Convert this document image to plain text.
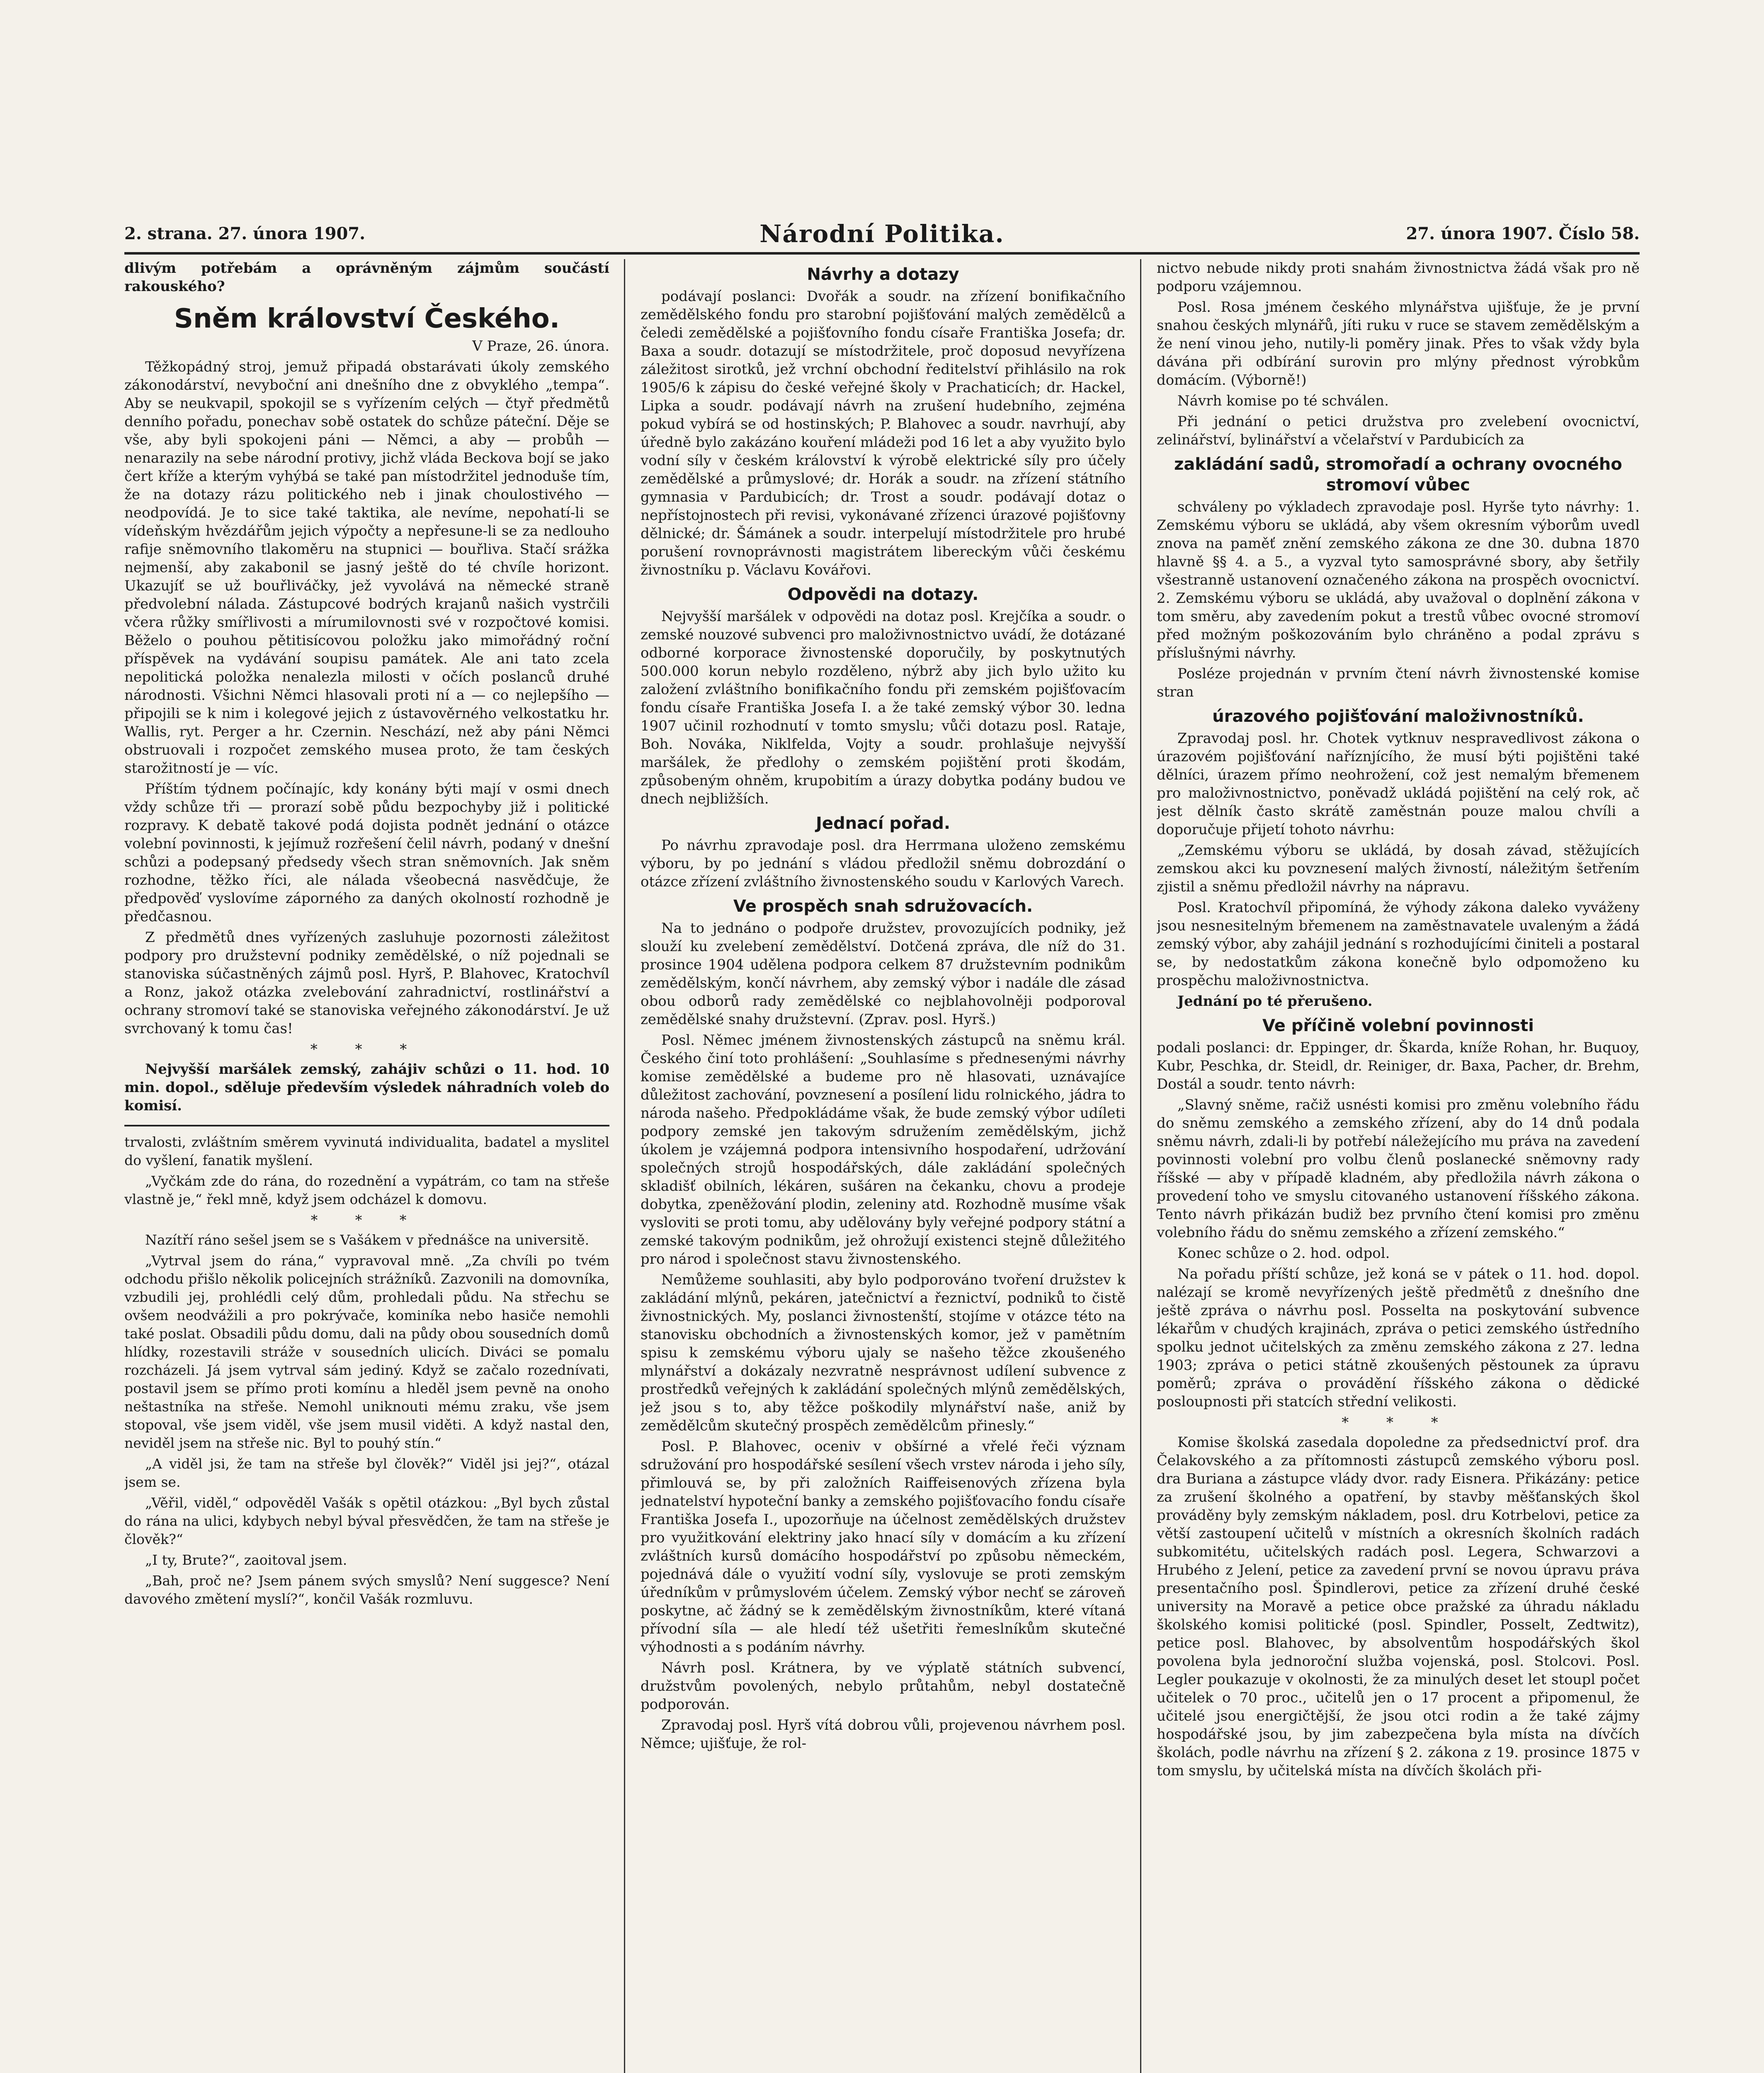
2. strana. 27. února 1907.	Národní Politika.	27. února 1907. Číslo 58.

dlivým potřebám a oprávněným zájmům součástí rakouského?

Sněm království Českého.
V Praze, 26. února.

Těžkopádný stroj, jemuž připadá obstarávati úkoly zemského zákonodárství, nevyboční ani dnešního dne z obvyklého „tempa“. Aby se neukvapil, spokojil se s vyřízením celých — čtyř předmětů denního pořadu, ponechav sobě ostatek do schůze páteční. Děje se vše, aby byli spokojeni páni — Němci, a aby — probůh — nenarazily na sebe národní protivy, jichž vláda Beckova bojí se jako čert kříže a kterým vyhýbá se také pan místodržitel jednoduše tím, že na dotazy rázu politického neb i jinak choulostivého — neodpovídá. Je to sice také taktika, ale nevíme, nepohatí-li se vídeňským hvězdářům jejich výpočty a nepřesune-li se za nedlouho rafije sněmovního tlakoměru na stupnici — bouřliva. Stačí srážka nejmenší, aby zakabonil se jasný ještě do té chvíle horizont. Ukazujíť se už bouřliváčky, jež vyvolává na německé straně předvolební nálada. Zástupcové bodrých krajanů našich vystrčili včera růžky smířlivosti a mírumilovnosti své v rozpočtové komisi. Běželo o pouhou pětitisícovou položku jako mimořádný roční příspěvek na vydávání soupisu památek. Ale ani tato zcela nepolitická položka nenalezla milosti v očích poslanců druhé národnosti. Všichni Němci hlasovali proti ní a — co nejlepšího — připojili se k nim i kolegové jejich z ústavověrného velkostatku hr. Wallis, ryt. Perger a hr. Czernin. Neschází, než aby páni Němci obstruovali i rozpočet zemského musea proto, že tam českých starožitností je — víc.

Příštím týdnem počínajíc, kdy konány býti mají v osmi dnech vždy schůze tři — prorazí sobě půdu bezpochyby již i politické rozpravy. K debatě takové podá dojista podnět jednání o otázce volební povinnosti, k jejímuž rozřešení čelil návrh, podaný v dnešní schůzi a podepsaný předsedy všech stran sněmovních. Jak sněm rozhodne, těžko říci, ale nálada všeobecná nasvědčuje, že předpověď vyslovíme záporného za daných okolností rozhodně je předčasnou.

Z předmětů dnes vyřízených zasluhuje pozornosti záležitost podpory pro družstevní podniky zemědělské, o níž pojednali se stanoviska súčastněných zájmů posl. Hyrš, P. Blahovec, Kratochvíl a Ronz, jakož otázka zvelebování zahradnictví, rostlinářství a ochrany stromoví také se stanoviska veřejného zákonodárství. Je už svrchovaný k tomu čas!

* * *

Nejvyšší maršálek zemský, zahájiv schůzi o 11. hod. 10 min. dopol., sděluje především výsledek náhradních voleb do komisí.

trvalosti, zvláštním směrem vyvinutá individualita, badatel a myslitel do vyšlení, fanatik myšlení.

„Vyčkám zde do rána, do rozednění a vypátrám, co tam na střeše vlastně je,“ řekl mně, když jsem odcházel k domovu.

* * *

Nazítří ráno sešel jsem se s Vašákem v přednášce na universitě.

„Vytrval jsem do rána,“ vypravoval mně. „Za chvíli po tvém odchodu přišlo několik policejních strážníků. Zazvonili na domovníka, vzbudili jej, prohlédli celý dům, prohledali půdu. Na střechu se ovšem neodvážili a pro pokrývače, kominíka nebo hasiče nemohli také poslat. Obsadili půdu domu, dali na půdy obou sousedních domů hlídky, rozestavili stráže v sousedních ulicích. Diváci se pomalu rozcházeli. Já jsem vytrval sám jediný. Když se začalo rozednívati, postavil jsem se přímo proti komínu a hleděl jsem pevně na onoho neštastníka na střeše. Nemohl uniknouti mému zraku, vše jsem stopoval, vše jsem viděl, vše jsem musil viděti. A když nastal den, neviděl jsem na střeše nic. Byl to pouhý stín.“

„A viděl jsi, že tam na střeše byl člověk?“ Viděl jsi jej?“, otázal jsem se.

„Věřil, viděl,“ odpověděl Vašák s opětil otázkou: „Byl bych zůstal do rána na ulici, kdybych nebyl býval přesvědčen, že tam na střeše je člověk?“

„I ty, Brute?“, zaoitoval jsem.

„Bah, proč ne? Jsem pánem svých smyslů? Není suggesce? Není davového změtení myslí?“, končil Vašák rozmluvu.

Návrhy a dotazy

podávají poslanci: Dvořák a soudr. na zřízení bonifikačního zemědělského fondu pro starobní pojišťování malých zemědělců a čeledi zemědělské a pojišťovního fondu císaře Františka Josefa; dr. Baxa a soudr. dotazují se místodržitele, proč doposud nevyřízena záležitost sirotků, jež vrchní obchodní ředitelství přihlásilo na rok 1905/6 k zápisu do české veřejné školy v Prachaticích; dr. Hackel, Lipka a soudr. podávají návrh na zrušení hudebního, zejména pokud vybírá se od hostinských; P. Blahovec a soudr. navrhují, aby úředně bylo zakázáno kouření mládeži pod 16 let a aby využito bylo vodní síly v českém království k výrobě elektrické síly pro účely zemědělské a průmyslové; dr. Horák a soudr. na zřízení státního gymnasia v Pardubicích; dr. Trost a soudr. podávají dotaz o nepřístojnostech při revisi, vykonávané zřízenci úrazové pojišťovny dělnické; dr. Šámánek a soudr. interpelují místodržitele pro hrubé porušení rovnoprávnosti magistrátem libereckým vůči českému živnostníku p. Václavu Kovářovi.

Odpovědi na dotazy.

Nejvyšší maršálek v odpovědi na dotaz posl. Krejčíka a soudr. o zemské nouzové subvenci pro maloživnostnictvo uvádí, že dotázané odborné korporace živnostenské doporučily, by poskytnutých 500.000 korun nebylo rozděleno, nýbrž aby jich bylo užito ku založení zvláštního bonifikačního fondu při zemském pojišťovacím fondu císaře Františka Josefa I. a že také zemský výbor 30. ledna 1907 učinil rozhodnutí v tomto smyslu; vůči dotazu posl. Rataje, Boh. Nováka, Niklfelda, Vojty a soudr. prohlašuje nejvyšší maršálek, že předlohy o zemském pojištění proti škodám, způsobeným ohněm, krupobitím a úrazy dobytka podány budou ve dnech nejbližších.

Jednací pořad.

Po návrhu zpravodaje posl. dra Herrmana uloženo zemskému výboru, by po jednání s vládou předložil sněmu dobrozdání o otázce zřízení zvláštního živnostenského soudu v Karlových Varech.

Ve prospěch snah sdružovacích.

Na to jednáno o podpoře družstev, provozujících podniky, jež slouží ku zvelebení zemědělství. Dotčená zpráva, dle níž do 31. prosince 1904 udělena podpora celkem 87 družstevním podnikům zemědělským, končí návrhem, aby zemský výbor i nadále dle zásad obou odborů rady zemědělské co nejblahovolněji podporoval zemědělské snahy družstevní. (Zprav. posl. Hyrš.)

Posl. Němec jménem živnostenských zástupců na sněmu král. Českého činí toto prohlášení: „Souhlasíme s přednesenými návrhy komise zemědělské a budeme pro ně hlasovati, uznávajíce důležitost zachování, povznesení a posílení lidu rolnického, jádra to národa našeho. Předpokládáme však, že bude zemský výbor udíleti podpory zemské jen takovým sdružením zemědělským, jichž úkolem je vzájemná podpora intensivního hospodaření, udržování společných strojů hospodářských, dále zakládání společných skladišť obilních, lékáren, sušáren na čekanku, chovu a prodeje dobytka, zpeněžování plodin, zeleniny atd. Rozhodně musíme však vysloviti se proti tomu, aby udělovány byly veřejné podpory státní a zemské takovým podnikům, jež ohrožují existenci stejně důležitého pro národ i společnost stavu živnostenského.

Nemůžeme souhlasiti, aby bylo podporováno tvoření družstev k zakládání mlýnů, pekáren, jatečnictví a řeznictví, podniků to čistě živnostnických. My, poslanci živnostenští, stojíme v otázce této na stanovisku obchodních a živnostenských komor, jež v pamětním spisu k zemskému výboru ujaly se našeho těžce zkoušeného mlynářství a dokázaly nezvratně nesprávnost udílení subvence z prostředků veřejných k zakládání společných mlýnů zemědělských, jež jsou s to, aby těžce poškodily mlynářství naše, aniž by zemědělcům skutečný prospěch zemědělcům přinesly.“

Posl. P. Blahovec, oceniv v obšírné a vřelé řeči význam sdružování pro hospodářské sesílení všech vrstev národa i jeho síly, přimlouvá se, by při založních Raiffeisenových zřízena byla jednatelství hypoteční banky a zemského pojišťovacího fondu císaře Františka Josefa I., upozorňuje na účelnost zemědělských družstev pro využitkování elektriny jako hnací síly v domácím a ku zřízení zvláštních kursů domácího hospodářství po způsobu německém, pojednává dále o využití vodní síly, vyslovuje se proti zemským úředníkům v průmyslovém účelem. Zemský výbor nechť se zároveň poskytne, ač žádný se k zemědělským živnostníkům, které vítaná přívodní síla — ale hledí též ušetřiti řemeslníkům skutečné výhodnosti a s podáním návrhy.

Návrh posl. Krátnera, by ve výplatě státních subvencí, družstvům povolených, nebylo průtahům, nebyl dostatečně podporován.

Zpravodaj posl. Hyrš vítá dobrou vůli, projevenou návrhem posl. Němce; ujišťuje, že rol-

nictvo nebude nikdy proti snahám živnostnictva žádá však pro ně podporu vzájemnou.

Posl. Rosa jménem českého mlynářstva ujišťuje, že je první snahou českých mlynářů, jíti ruku v ruce se stavem zemědělským a že není vinou jeho, nutily-li poměry jinak. Přes to však vždy byla dávána při odbírání surovin pro mlýny přednost výrobkům domácím. (Výborně!)

Návrh komise po té schválen.

Při jednání o petici družstva pro zvelebení ovocnictví, zelinářství, bylinářství a včelařství v Pardubicích za

zakládání sadů, stromořadí a ochrany ovocného stromoví vůbec

schváleny po výkladech zpravodaje posl. Hyrše tyto návrhy: 1. Zemskému výboru se ukládá, aby všem okresním výborům uvedl znova na paměť znění zemského zákona ze dne 30. dubna 1870 hlavně §§ 4. a 5., a vyzval tyto samosprávné sbory, aby šetřily všestranně ustanovení označeného zákona na prospěch ovocnictví. 2. Zemskému výboru se ukládá, aby uvažoval o doplnění zákona v tom směru, aby zavedením pokut a trestů vůbec ovocné stromoví před možným poškozováním bylo chráněno a podal zprávu s příslušnými návrhy.

Posléze projednán v prvním čtení návrh živnostenské komise stran

úrazového pojišťování maloživnostníků.

Zpravodaj posl. hr. Chotek vytknuv nespravedlivost zákona o úrazovém pojišťování naříznjícího, že musí býti pojištěni také dělníci, úrazem přímo neohrožení, což jest nemalým břemenem pro maloživnostnictvo, poněvadž ukládá pojištění na celý rok, ač jest dělník často skrátě zaměstnán pouze malou chvíli a doporučuje přijetí tohoto návrhu:

„Zemskému výboru se ukládá, by dosah závad, stěžujících zemskou akci ku povznesení malých živností, náležitým šetřením zjistil a sněmu předložil návrhy na nápravu.

Posl. Kratochvíl připomíná, že výhody zákona daleko vyváženy jsou nesnesitelným břemenem na zaměstnavatele uvaleným a žádá zemský výbor, aby zahájil jednání s rozhodujícími činiteli a postaral se, by nedostatkům zákona konečně bylo odpomoženo ku prospěchu maloživnostnictva.

Jednání po té přerušeno.

Ve příčině volební povinnosti

podali poslanci: dr. Eppinger, dr. Škarda, kníže Rohan, hr. Buquoy, Kubr, Peschka, dr. Steidl, dr. Reiniger, dr. Baxa, Pacher, dr. Brehm, Dostál a soudr. tento návrh:

„Slavný sněme, račiž usnésti komisi pro změnu volebního řádu do sněmu zemského a zemského zřízení, aby do 14 dnů podala sněmu návrh, zdali-li by potřebí náležejícího mu práva na zavedení povinnosti volební pro volbu členů poslanecké sněmovny rady říšské — aby v případě kladném, aby předložila návrh zákona o provedení toho ve smyslu citovaného ustanovení říšského zákona. Tento návrh přikázán budiž bez prvního čtení komisi pro změnu volebního řádu do sněmu zemského a zřízení zemského.“

Konec schůze o 2. hod. odpol.

Na pořadu příští schůze, jež koná se v pátek o 11. hod. dopol. nalézají se kromě nevyřízených ještě předmětů z dnešního dne ještě zpráva o návrhu posl. Posselta na poskytování subvence lékařům v chudých krajinách, zpráva o petici zemského ústředního spolku jednot učitelských za změnu zemského zákona z 27. ledna 1903; zpráva o petici státně zkoušených pěstounek za úpravu poměrů; zpráva o provádění říšského zákona o dědické posloupnosti při statcích střední velikosti.

* * *

Komise školská zasedala dopoledne za předsednictví prof. dra Čelakovského a za přítomnosti zástupců zemského výboru posl. dra Buriana a zástupce vlády dvor. rady Eisnera. Přikázány: petice za zrušení školného a opatření, by stavby měšťanských škol prováděny byly zemským nákladem, posl. dru Kotrbelovi, petice za větší zastoupení učitelů v místních a okresních školních radách subkomitétu, učitelských radách posl. Legera, Schwarzovi a Hrubého z Jelení, petice za zavedení první se novou úpravu práva presentačního posl. Špindlerovi, petice za zřízení druhé české university na Moravě a petice obce pražské za úhradu nákladu školského komisi politické (posl. Spindler, Posselt, Zedtwitz), petice posl. Blahovec, by absolventům hospodářských škol povolena byla jednoroční služba vojenská, posl. Stolcovi. Posl. Legler poukazuje v okolnosti, že za minulých deset let stoupl počet učitelek o 70 proc., učitelů jen o 17 procent a připomenul, že učitelé jsou energičtější, že jsou otci rodin a že také zájmy hospodářské jsou, by jim zabezpečena byla místa na dívčích školách, podle návrhu na zřízení § 2. zákona z 19. prosince 1875 v tom smyslu, by učitelská místa na dívčích školách při-
